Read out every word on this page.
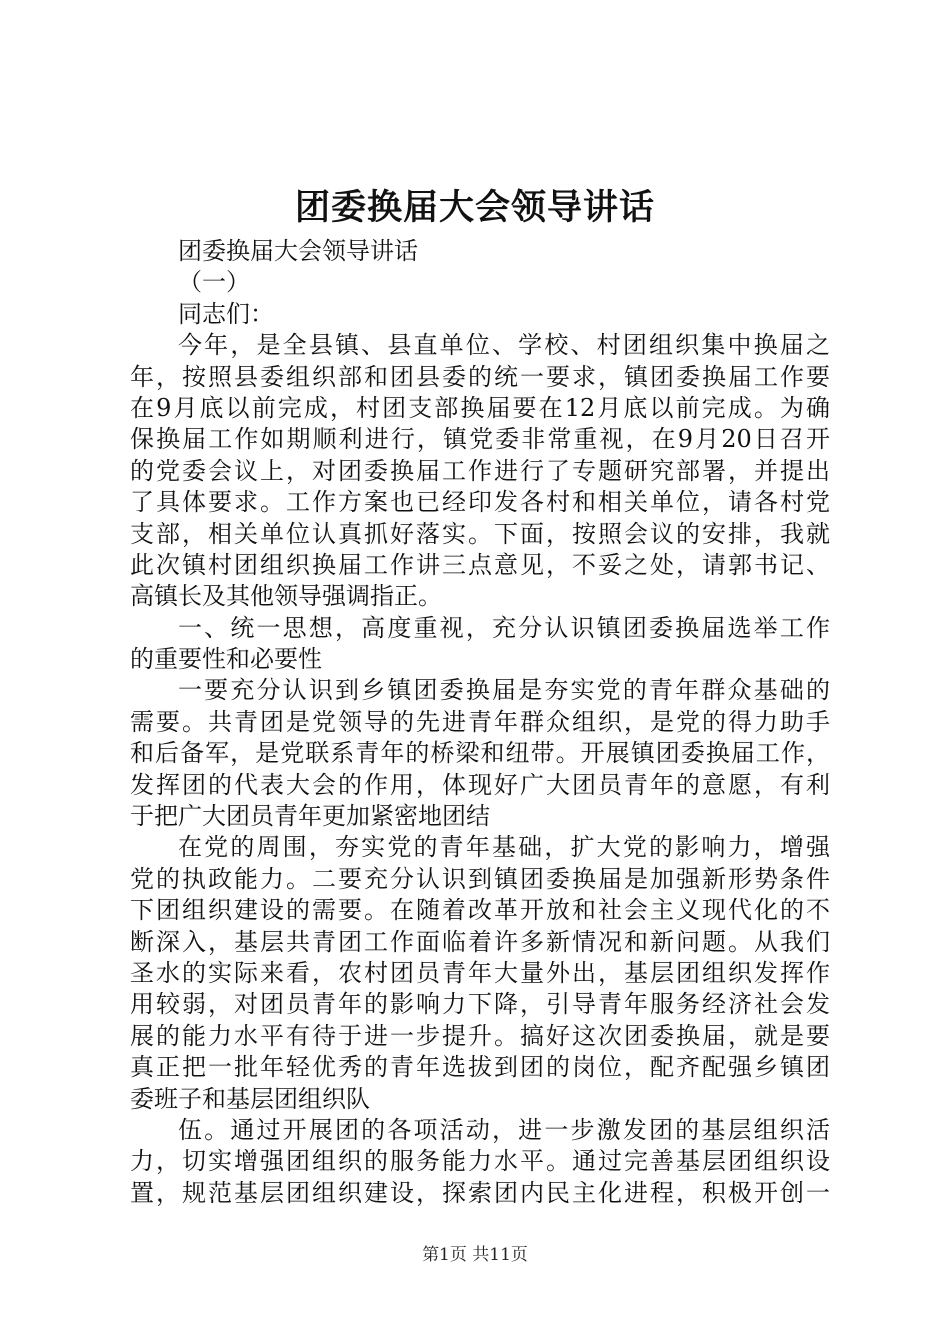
团委换届大会领导讲话
团委换届大会领导讲话
（一）
同志们：
今年，是全县镇、县直单位、学校、村团组织集中换届之
年，按照县委组织部和团县委的统一要求，镇团委换届工作要
在9月底以前完成，村团支部换届要在12月底以前完成。为确
保换届工作如期顺利进行，镇党委非常重视，在9月20日召开
的党委会议上，对团委换届工作进行了专题研究部署，并提出
了具体要求。工作方案也已经印发各村和相关单位，请各村党
支部，相关单位认真抓好落实。下面，按照会议的安排，我就
此次镇村团组织换届工作讲三点意见，不妥之处，请郭书记、
高镇长及其他领导强调指正。
一、统一思想，高度重视，充分认识镇团委换届选举工作
的重要性和必要性
一要充分认识到乡镇团委换届是夯实党的青年群众基础的
需要。共青团是党领导的先进青年群众组织，是党的得力助手
和后备军，是党联系青年的桥梁和纽带。开展镇团委换届工作，
发挥团的代表大会的作用，体现好广大团员青年的意愿，有利
于把广大团员青年更加紧密地团结
在党的周围，夯实党的青年基础，扩大党的影响力，增强
党的执政能力。二要充分认识到镇团委换届是加强新形势条件
下团组织建设的需要。在随着改革开放和社会主义现代化的不
断深入，基层共青团工作面临着许多新情况和新问题。从我们
圣水的实际来看，农村团员青年大量外出，基层团组织发挥作
用较弱，对团员青年的影响力下降，引导青年服务经济社会发
展的能力水平有待于进一步提升。搞好这次团委换届，就是要
真正把一批年轻优秀的青年选拔到团的岗位，配齐配强乡镇团
委班子和基层团组织队
伍。通过开展团的各项活动，进一步激发团的基层组织活
力，切实增强团组织的服务能力水平。通过完善基层团组织设
置，规范基层团组织建设，探索团内民主化进程，积极开创一
第1页 共11页
